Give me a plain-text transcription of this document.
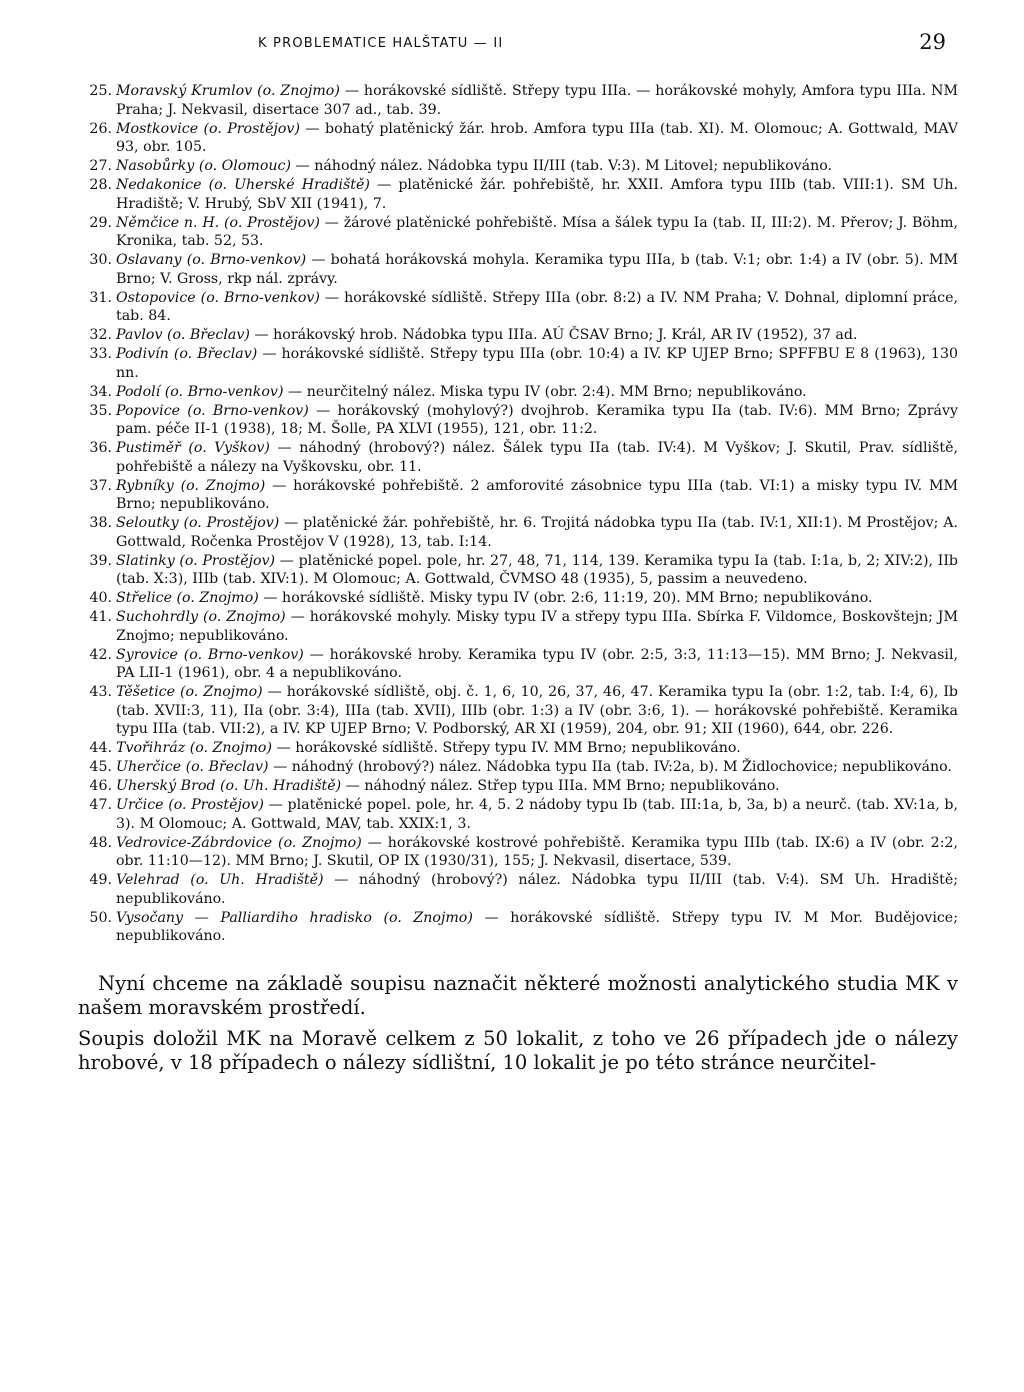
K PROBLEMATICE HALŠTATU — II	29
25. Moravský Krumlov (o. Znojmo) — horákovské sídliště. Střepy typu IIIa. — horákovské mohyly, Amfora typu IIIa. NM Praha; J. Nekvasil, disertace 307 ad., tab. 39.
26. Mostkovice (o. Prostějov) — bohatý platěnický žár. hrob. Amfora typu IIIa (tab. XI). M. Olomouc; A. Gottwald, MAV 93, obr. 105.
27. Nasobůrky (o. Olomouc) — náhodný nález. Nádobka typu II/III (tab. V:3). M Litovel; nepublikováno.
28. Nedakonice (o. Uherské Hradiště) — platěnické žár. pohřebiště, hr. XXII. Amfora typu IIIb (tab. VIII:1). SM Uh. Hradiště; V. Hrubý, SbV XII (1941), 7.
29. Němčice n. H. (o. Prostějov) — žárové platěnické pohřebiště. Mísa a šálek typu Ia (tab. II, III:2). M. Přerov; J. Böhm, Kronika, tab. 52, 53.
30. Oslavany (o. Brno-venkov) — bohatá horákovská mohyla. Keramika typu IIIa, b (tab. V:1; obr. 1:4) a IV (obr. 5). MM Brno; V. Gross, rkp nál. zprávy.
31. Ostopovice (o. Brno-venkov) — horákovské sídliště. Střepy IIIa (obr. 8:2) a IV. NM Praha; V. Dohnal, diplomní práce, tab. 84.
32. Pavlov (o. Břeclav) — horákovský hrob. Nádobka typu IIIa. AÚ ČSAV Brno; J. Král, AR IV (1952), 37 ad.
33. Podivín (o. Břeclav) — horákovské sídliště. Střepy typu IIIa (obr. 10:4) a IV. KP UJEP Brno; SPFFBU E 8 (1963), 130 nn.
34. Podolí (o. Brno-venkov) — neurčitelný nález. Miska typu IV (obr. 2:4). MM Brno; nepublikováno.
35. Popovice (o. Brno-venkov) — horákovský (mohylový?) dvojhrob. Keramika typu IIa (tab. IV:6). MM Brno; Zprávy pam. péče II-1 (1938), 18; M. Šolle, PA XLVI (1955), 121, obr. 11:2.
36. Pustiměř (o. Vyškov) — náhodný (hrobový?) nález. Šálek typu IIa (tab. IV:4). M Vyškov; J. Skutil, Prav. sídliště, pohřebiště a nálezy na Vyškovsku, obr. 11.
37. Rybníky (o. Znojmo) — horákovské pohřebiště. 2 amforovité zásobnice typu IIIa (tab. VI:1) a misky typu IV. MM Brno; nepublikováno.
38. Seloutky (o. Prostějov) — platěnické žár. pohřebiště, hr. 6. Trojitá nádobka typu IIa (tab. IV:1, XII:1). M Prostějov; A. Gottwald, Ročenka Prostějov V (1928), 13, tab. I:14.
39. Slatinky (o. Prostějov) — platěnické popel. pole, hr. 27, 48, 71, 114, 139. Keramika typu Ia (tab. I:1a, b, 2; XIV:2), IIb (tab. X:3), IIIb (tab. XIV:1). M Olomouc; A. Gottwald, ČVMSO 48 (1935), 5, passim a neuvedeno.
40. Střelice (o. Znojmo) — horákovské sídliště. Misky typu IV (obr. 2:6, 11:19, 20). MM Brno; nepublikováno.
41. Suchohrdly (o. Znojmo) — horákovské mohyly. Misky typu IV a střepy typu IIIa. Sbírka F. Vildomce, Boskovštejn; JM Znojmo; nepublikováno.
42. Syrovice (o. Brno-venkov) — horákovské hroby. Keramika typu IV (obr. 2:5, 3:3, 11:13—15). MM Brno; J. Nekvasil, PA LII-1 (1961), obr. 4 a nepublikováno.
43. Těšetice (o. Znojmo) — horákovské sídliště, obj. č. 1, 6, 10, 26, 37, 46, 47. Keramika typu Ia (obr. 1:2, tab. I:4, 6), Ib (tab. XVII:3, 11), IIa (obr. 3:4), IIIa (tab. XVII), IIIb (obr. 1:3) a IV (obr. 3:6, 1). — horákovské pohřebiště. Keramika typu IIIa (tab. VII:2), a IV. KP UJEP Brno; V. Podborský, AR XI (1959), 204, obr. 91; XII (1960), 644, obr. 226.
44. Tvořihráz (o. Znojmo) — horákovské sídliště. Střepy typu IV. MM Brno; nepublikováno.
45. Uherčice (o. Břeclav) — náhodný (hrobový?) nález. Nádobka typu IIa (tab. IV:2a, b). M Židlochovice; nepublikováno.
46. Uherský Brod (o. Uh. Hradiště) — náhodný nález. Střep typu IIIa. MM Brno; nepublikováno.
47. Určice (o. Prostějov) — platěnické popel. pole, hr. 4, 5. 2 nádoby typu Ib (tab. III:1a, b, 3a, b) a neurč. (tab. XV:1a, b, 3). M Olomouc; A. Gottwald, MAV, tab. XXIX:1, 3.
48. Vedrovice-Zábrdovice (o. Znojmo) — horákovské kostrové pohřebiště. Keramika typu IIIb (tab. IX:6) a IV (obr. 2:2, obr. 11:10—12). MM Brno; J. Skutil, OP IX (1930/31), 155; J. Nekvasil, disertace, 539.
49. Velehrad (o. Uh. Hradiště) — náhodný (hrobový?) nález. Nádobka typu II/III (tab. V:4). SM Uh. Hradiště; nepublikováno.
50. Vysočany — Palliardiho hradisko (o. Znojmo) — horákovské sídliště. Střepy typu IV. M Mor. Budějovice; nepublikováno.

Nyní chceme na základě soupisu naznačit některé možnosti analytického studia MK v našem moravském prostředí.

Soupis doložil MK na Moravě celkem z 50 lokalit, z toho ve 26 případech jde o nálezy hrobové, v 18 případech o nálezy sídlištní, 10 lokalit je po této stránce neurčitel-
